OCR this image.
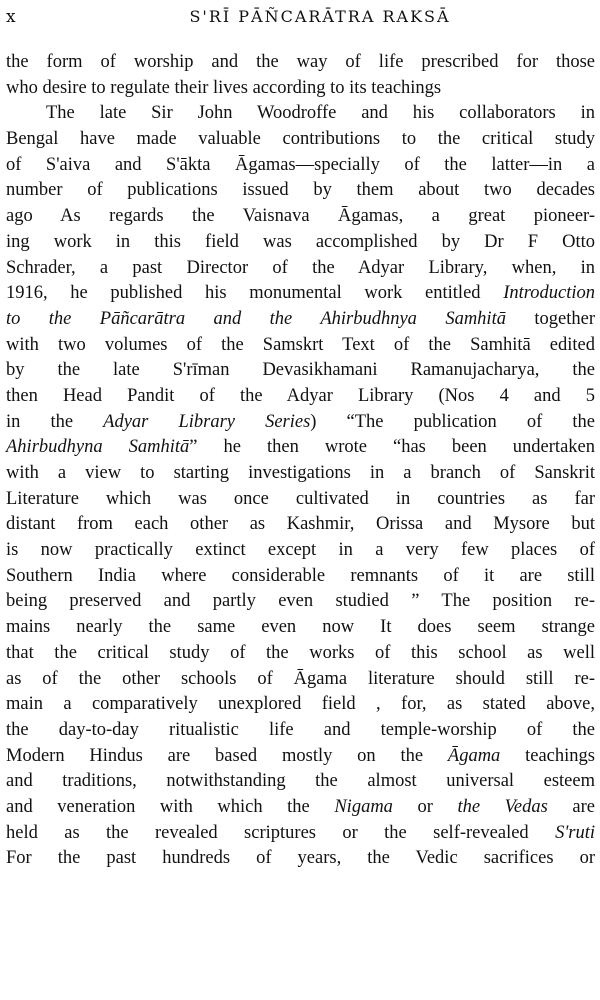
x	S'RĪ PĀÑCARĀTRA RAKSĀ
the form of worship and the way of life prescribed for those
who desire to regulate their lives according to its teachings
The late Sir John Woodroffe and his collaborators in
Bengal have made valuable contributions to the critical study
of S'aiva and S'ākta Āgamas—specially of the latter—in a
number of publications issued by them about two decades
ago As regards the Vaisnava Āgamas, a great pioneer-
ing work in this field was accomplished by Dr F Otto
Schrader, a past Director of the Adyar Library, when, in
1916, he published his monumental work entitled Introduction
to the Pāñcarātra and the Ahirbudhnya Samhitā together
with two volumes of the Samskrt Text of the Samhitā edited
by the late S'rīman Devasikhamani Ramanujacharya, the
then Head Pandit of the Adyar Library (Nos 4 and 5
in the Adyar Library Series) “The publication of the
Ahirbudhyna Samhitā” he then wrote “has been undertaken
with a view to starting investigations in a branch of Sanskrit
Literature which was once cultivated in countries as far
distant from each other as Kashmir, Orissa and Mysore but
is now practically extinct except in a very few places of
Southern India where considerable remnants of it are still
being preserved and partly even studied ” The position re-
mains nearly the same even now It does seem strange
that the critical study of the works of this school as well
as of the other schools of Āgama literature should still re-
main a comparatively unexplored field , for, as stated above,
the day-to-day ritualistic life and temple-worship of the
Modern Hindus are based mostly on the Āgama teachings
and traditions, notwithstanding the almost universal esteem
and veneration with which the Nigama or the Vedas are
held as the revealed scriptures or the self-revealed S'ruti
For the past hundreds of years, the Vedic sacrifices or
